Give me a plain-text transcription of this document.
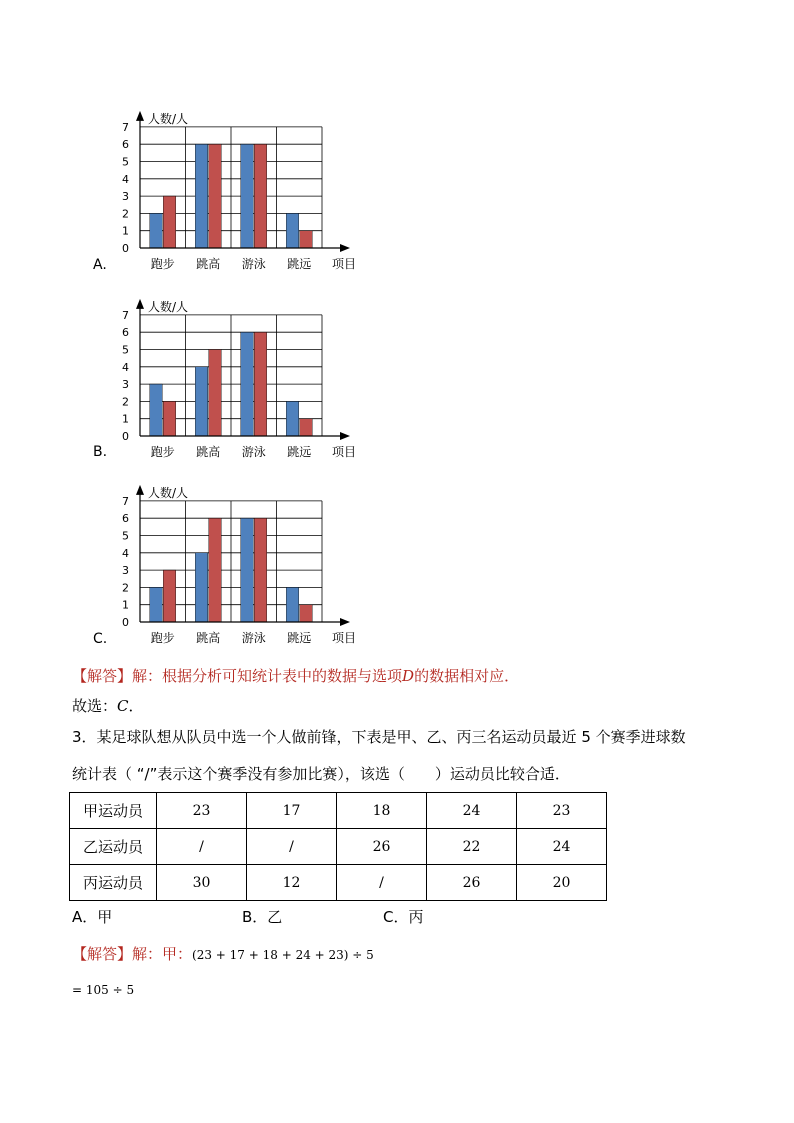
跑步 跳高 游泳 跳远
0
1
2
3
4
5
6
7
人数/人
项目
跑步 跳高 游泳 跳远
0
1
2
3
4
5
6
7
人数/人
项目
跑步 跳高 游泳 跳远
0
1
2
3
4
5
6
7
人数/人
项目
A.
B.
C.
【解答】解：根据分析可知统计表中的数据与选项D的数据相对应．
故选：C．
3．某足球队想从队员中选一个人做前锋，下表是甲、乙、丙三名运动员最近 5 个赛季进球数
统计表（ “/”表示这个赛季没有参加比赛），该选（　　）运动员比较合适．
甲运动员	23	17	18	24	23
乙运动员	/	/	26	22	24
丙运动员	30	12	/	26	20
A．甲	B．乙	C．丙
【解答】解：甲：(23 + 17 + 18 + 24 + 23) ÷ 5
= 105 ÷ 5
